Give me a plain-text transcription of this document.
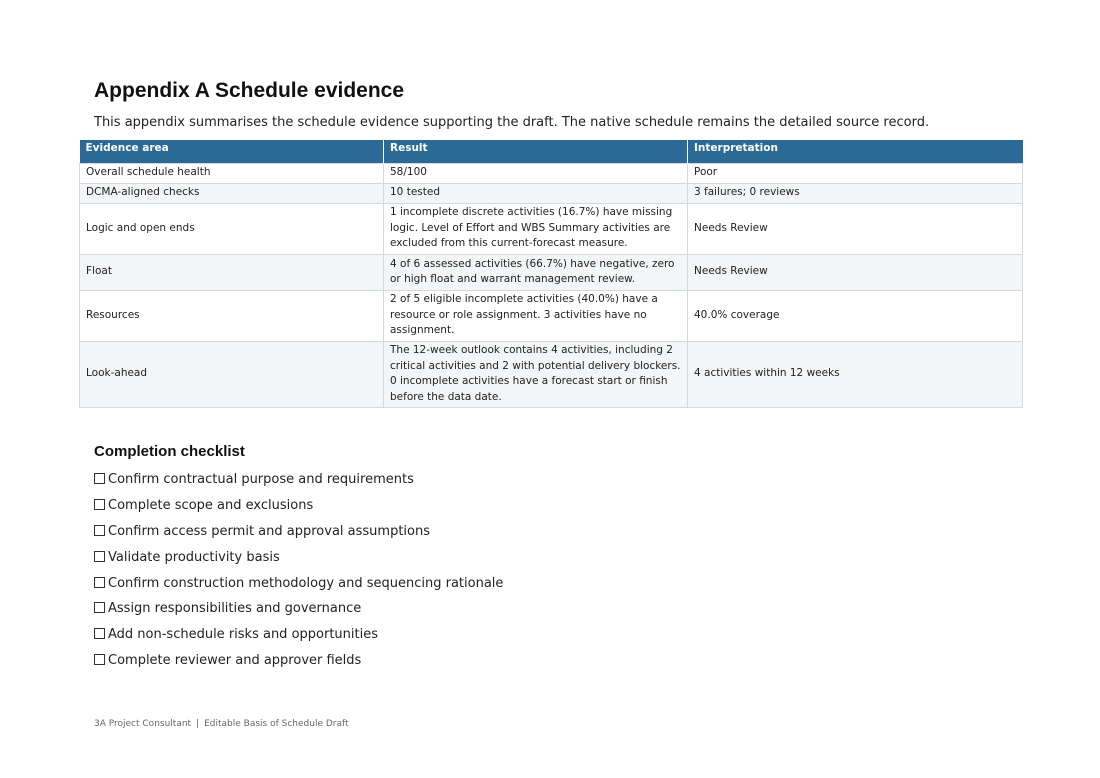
Appendix A Schedule evidence

This appendix summarises the schedule evidence supporting the draft. The native schedule remains the detailed source record.

Evidence area	Result	Interpretation
Overall schedule health	58/100	Poor
DCMA-aligned checks	10 tested	3 failures; 0 reviews
Logic and open ends	1 incomplete discrete activities (16.7%) have missing logic. Level of Effort and WBS Summary activities are excluded from this current-forecast measure.	Needs Review
Float	4 of 6 assessed activities (66.7%) have negative, zero or high float and warrant management review.	Needs Review
Resources	2 of 5 eligible incomplete activities (40.0%) have a resource or role assignment. 3 activities have no assignment.	40.0% coverage
Look-ahead	The 12-week outlook contains 4 activities, including 2 critical activities and 2 with potential delivery blockers. 0 incomplete activities have a forecast start or finish before the data date.	4 activities within 12 weeks
Completion checklist
Confirm contractual purpose and requirements
Complete scope and exclusions
Confirm access permit and approval assumptions
Validate productivity basis
Confirm construction methodology and sequencing rationale
Assign responsibilities and governance
Add non-schedule risks and opportunities
Complete reviewer and approver fields
3A Project Consultant | Editable Basis of Schedule Draft
